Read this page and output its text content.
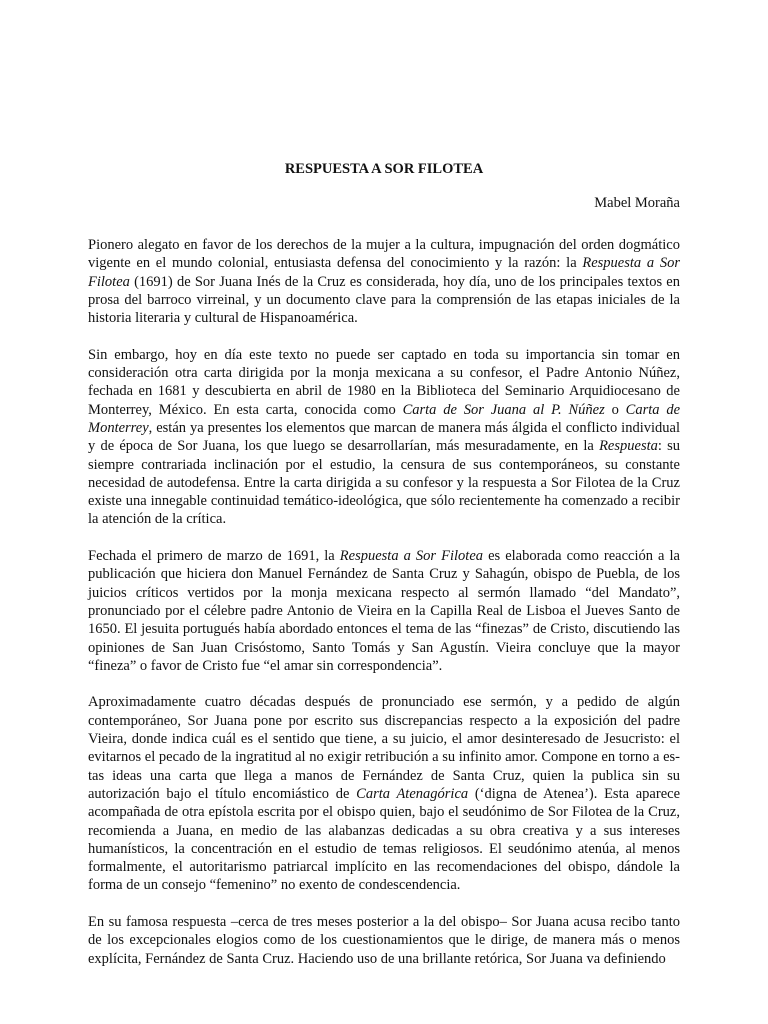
RESPUESTA A SOR FILOTEA
Mabel Moraña

Pionero alegato en favor de los derechos de la mujer a la cultura, impugnación del orden dogmático vigente en el mundo colonial, entusiasta defensa del conocimiento y la razón: la Respuesta a Sor Filotea (1691) de Sor Juana Inés de la Cruz es considerada, hoy día, uno de los principales textos en prosa del barroco virreinal, y un documento clave para la comprensión de las etapas iniciales de la historia literaria y cultural de Hispanoamérica.

Sin embargo, hoy en día este texto no puede ser captado en toda su importancia sin tomar en consideración otra carta dirigida por la monja mexicana a su confesor, el Padre Antonio Núñez, fechada en 1681 y descubierta en abril de 1980 en la Biblioteca del Seminario Arquidiocesano de Monterrey, México. En esta carta, conocida como Carta de Sor Juana al P. Núñez o Carta de Monterrey, están ya presentes los elementos que marcan de manera más álgida el conflicto individual y de época de Sor Juana, los que luego se desarrollarían, más mesuradamente, en la Respuesta: su siempre contrariada inclinación por el estudio, la censura de sus contemporáneos, su constante necesidad de autodefensa. Entre la carta dirigida a su confesor y la respuesta a Sor Filotea de la Cruz existe una innegable continuidad temático-ideológica, que sólo recientemente ha comenzado a recibir la atención de la crítica.

Fechada el primero de marzo de 1691, la Respuesta a Sor Filotea es elaborada como reacción a la publicación que hiciera don Manuel Fernández de Santa Cruz y Sahagún, obispo de Puebla, de los juicios críticos vertidos por la monja mexicana respecto al sermón llamado “del Mandato”, pronunciado por el célebre padre Antonio de Vieira en la Capilla Real de Lisboa el Jueves Santo de 1650. El jesuita portugués había abordado entonces el tema de las “finezas” de Cristo, discutiendo las opiniones de San Juan Crisóstomo, Santo Tomás y San Agustín. Vieira concluye que la mayor “fineza” o favor de Cristo fue “el amar sin correspondencia”.

Aproximadamente cuatro décadas después de pronunciado ese sermón, y a pedido de algún contemporáneo, Sor Juana pone por escrito sus discrepancias respecto a la exposición del padre Vieira, donde indica cuál es el sentido que tiene, a su juicio, el amor desinteresado de Jesucristo: el evitarnos el pecado de la ingratitud al no exigir retribución a su infinito amor. Compone en torno a estas ideas una carta que llega a manos de Fernández de Santa Cruz, quien la publica sin su autorización bajo el título encomiástico de Carta Atenagórica (‘digna de Atenea’). Esta aparece acompañada de otra epístola escrita por el obispo quien, bajo el seudónimo de Sor Filotea de la Cruz, recomienda a Juana, en medio de las alabanzas dedicadas a su obra creativa y a sus intereses humanísticos, la concentración en el estudio de temas religiosos. El seudónimo atenúa, al menos formalmente, el autoritarismo patriarcal implícito en las recomendaciones del obispo, dándole la forma de un consejo “femenino” no exento de condescendencia.

En su famosa respuesta –cerca de tres meses posterior a la del obispo– Sor Juana acusa recibo tanto de los excepcionales elogios como de los cuestionamientos que le dirige, de manera más o menos explícita, Fernández de Santa Cruz. Haciendo uso de una brillante retórica, Sor Juana va definiendo
